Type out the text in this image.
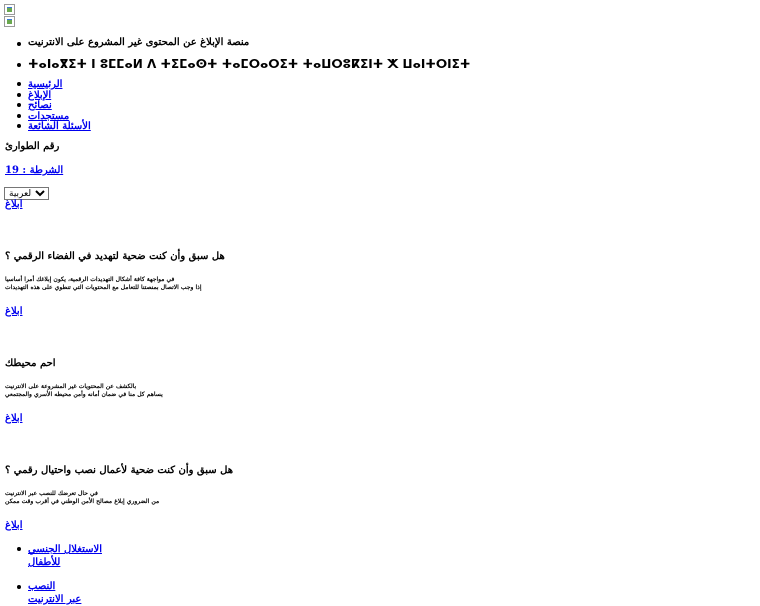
منصة الإبلاغ عن المحتوى غير المشروع على الانترنيت
ⵜⴰⵏⴰⴳⵉⵜ ⵏ ⵓⵎⵎⴰⵍ ⴷ ⵜⵉⵎⴰⵙⵜ ⵜⴰⵎⵔⴰⵔⵉⵜ ⵜⴰⵡⵔⵓⴽⵉⵏⵜ ⵅ ⵡⴰⵏⵜⵔⵏⵉⵜ
الرئيسية
الإبلاغ
نصائح
مستجدات
الأسئلة الشائعة
رقم الطوارئ
الشرطة : 19
العربية
ابلاغ
هل سبق وأن كنت ضحية لتهديد في الفضاء الرقمي ؟
في مواجهة كافة أشكال التهديدات الرقمية، يكون إبلاغك أمرا أساسيا
إذا وجب الاتصال بمنصتنا للتعامل مع المحتويات التي تنطوي على هذه التهديدات
ابلاغ
احم محيطك
بالكشف عن المحتويات غير المشروعة على الانترنيت
يساهم كل منا في ضمان أمانه وأمن محيطه الأسري والمجتمعي
ابلاغ
هل سبق وأن كنت ضحية لأعمال نصب واحتيال رقمي ؟
في حال تعرضك للنصب عبر الانترنيت
من الضروري إبلاغ مصالح الأمن الوطني في أقرب وقت ممكن
ابلاغ
الاستغلال الجنسي
للأطفال
النصب
عبر الانترنيت
